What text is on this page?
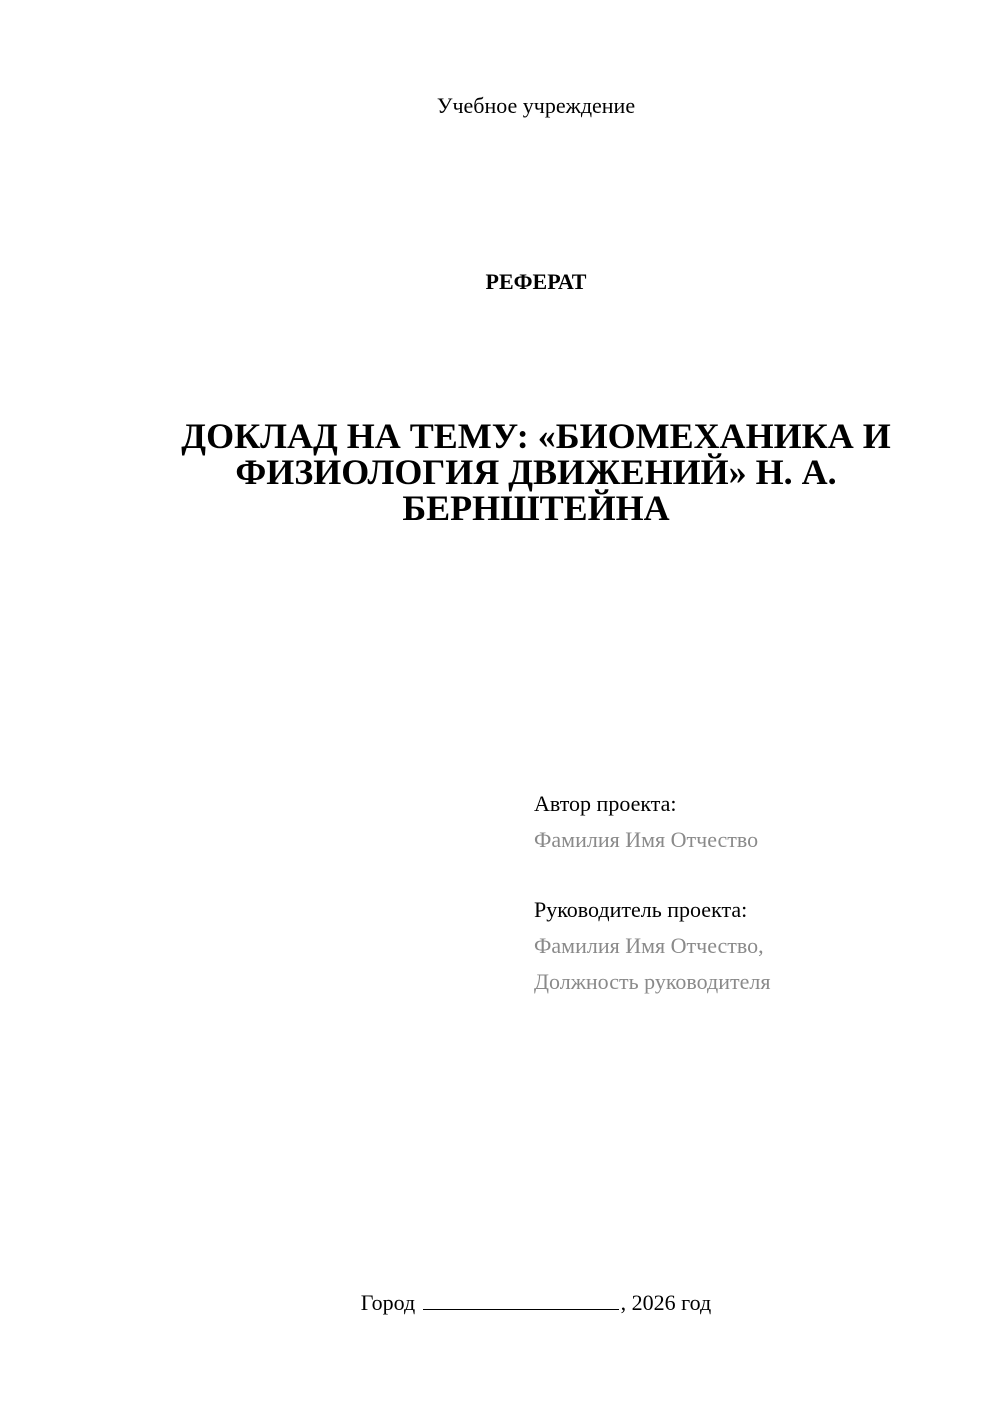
Учебное учреждение
РЕФЕРАТ
ДОКЛАД НА ТЕМУ: «БИОМЕХАНИКА И
ФИЗИОЛОГИЯ ДВИЖЕНИЙ» Н. А.
БЕРНШТЕЙНА
Автор проекта:
Фамилия Имя Отчество
Руководитель проекта:
Фамилия Имя Отчество,
Должность руководителя
Город	, 2026 год
